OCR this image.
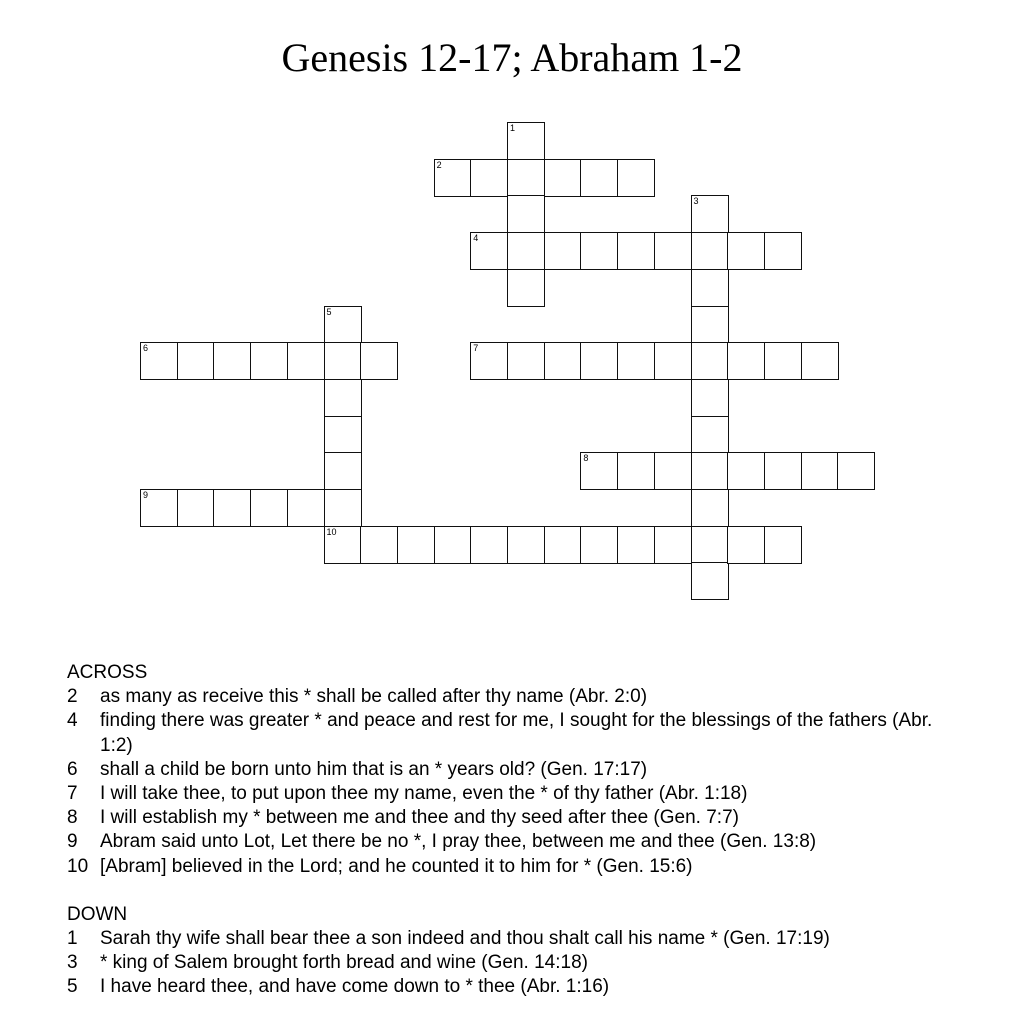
Genesis 12-17; Abraham 1-2
1
2
3
4
5
10
6	7
8
9
ACROSS
2	as many as receive this * shall be called after thy name (Abr. 2:0)
4	finding there was greater * and peace and rest for me, I sought for the blessings of the fathers (Abr. 1:2)
6	shall a child be born unto him that is an * years old? (Gen. 17:17)
7	I will take thee, to put upon thee my name, even the * of thy father (Abr. 1:18)
8	I will establish my * between me and thee and thy seed after thee (Gen. 7:7)
9	Abram said unto Lot, Let there be no *, I pray thee, between me and thee (Gen. 13:8)
10 [Abram] believed in the Lord; and he counted it to him for * (Gen. 15:6)
DOWN
1	Sarah thy wife shall bear thee a son indeed and thou shalt call his name * (Gen. 17:19)
3	* king of Salem brought forth bread and wine (Gen. 14:18)
5	I have heard thee, and have come down to * thee (Abr. 1:16)
